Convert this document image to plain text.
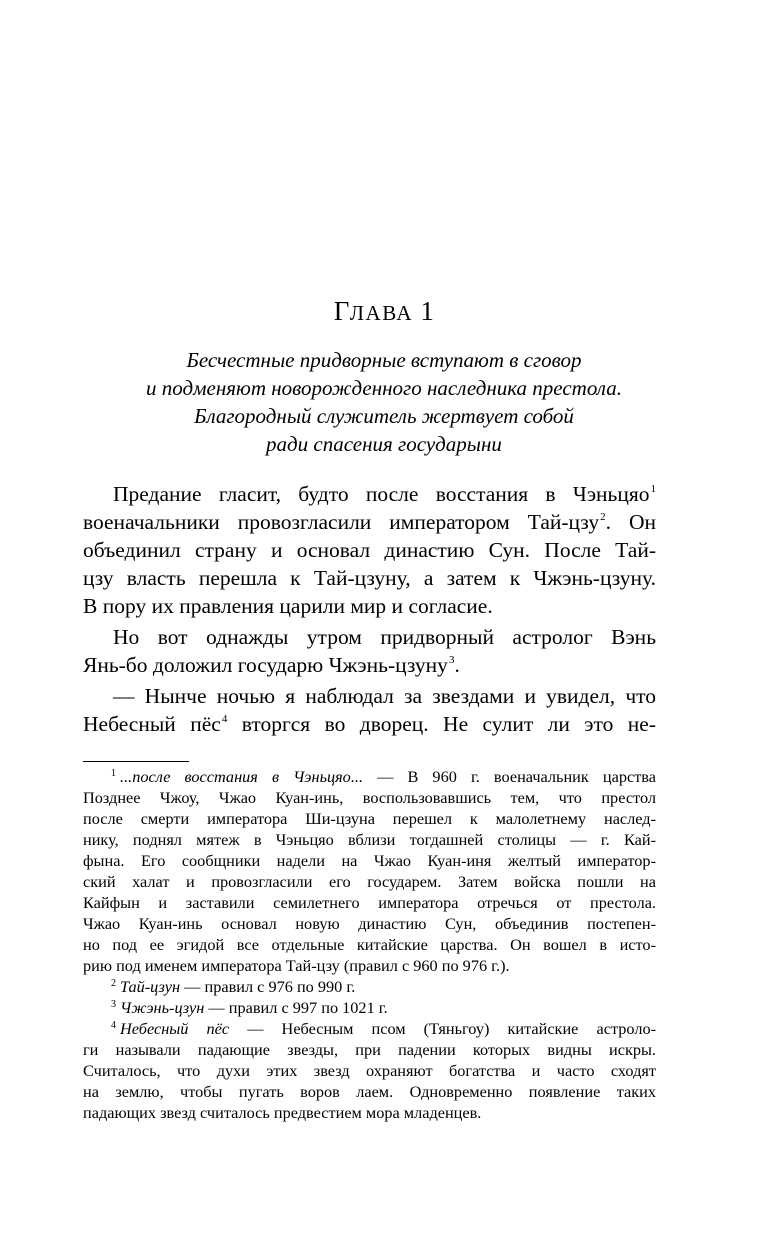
ГЛАВА 1
Бесчестные придворные вступают в сговор
и подменяют новорожденного наследника престола.
Благородный служитель жертвует собой
ради спасения государыни
Предание гласит, будто после восстания в Чэньцяо$^1$
военачальники провозгласили императором Тай-цзу$^2$. Он
объединил страну и основал династию Сун. После Тай-
цзу власть перешла к Тай-цзуну, а затем к Чжэнь-цзуну.
В пору их правления царили мир и согласие.
Но вот однажды утром придворный астролог Вэнь
Янь-бо доложил государю Чжэнь-цзуну$^3$.
— Нынче ночью я наблюдал за звездами и увидел, что
Небесный пёс$^4$ вторгся во дворец. Не сулит ли это не-
$^1$ ...после восстания в Чэньцяо... — В 960 г. военачальник царства
Позднее Чжоу, Чжао Куан-инь, воспользовавшись тем, что престол
после смерти императора Ши-цзуна перешел к малолетнему наслед-
нику, поднял мятеж в Чэньцяо вблизи тогдашней столицы — г. Кай-
фына. Его сообщники надели на Чжао Куан-иня желтый император-
ский халат и провозгласили его государем. Затем войска пошли на
Кайфын и заставили семилетнего императора отречься от престола.
Чжао Куан-инь основал новую династию Сун, объединив постепен-
но под ее эгидой все отдельные китайские царства. Он вошел в исто-
рию под именем императора Тай-цзу (правил с 960 по 976 г.).
$^2$ Тай-цзун — правил с 976 по 990 г.
$^3$ Чжэнь-цзун — правил с 997 по 1021 г.
$^4$ Небесный пёс — Небесным псом (Тяньгоу) китайские астроло-
ги называли падающие звезды, при падении которых видны искры.
Считалось, что духи этих звезд охраняют богатства и часто сходят
на землю, чтобы пугать воров лаем. Одновременно появление таких
падающих звезд считалось предвестием мора младенцев.
